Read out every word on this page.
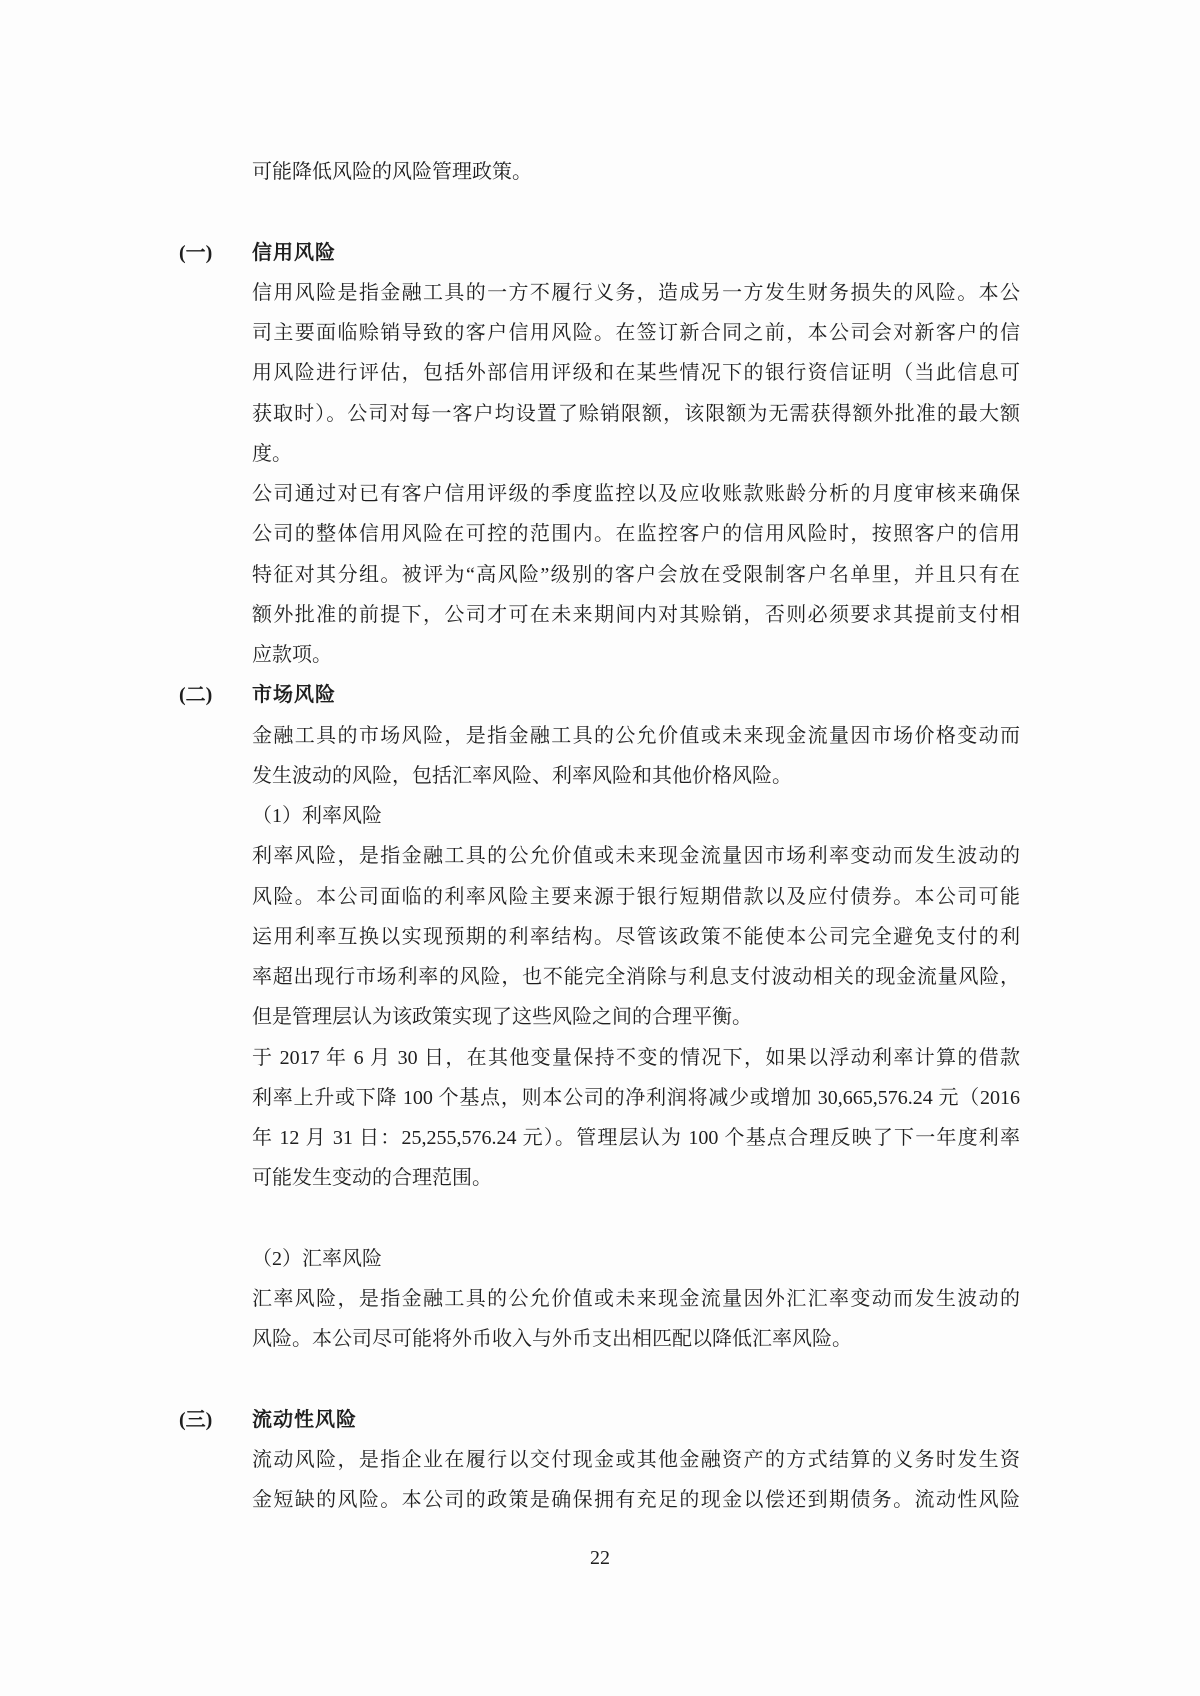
可能降低风险的风险管理政策。

(一) 信用风险
信用风险是指金融工具的一方不履行义务，造成另一方发生财务损失的风险。本公
司主要面临赊销导致的客户信用风险。在签订新合同之前，本公司会对新客户的信
用风险进行评估，包括外部信用评级和在某些情况下的银行资信证明（当此信息可
获取时）。公司对每一客户均设置了赊销限额，该限额为无需获得额外批准的最大额
度。
公司通过对已有客户信用评级的季度监控以及应收账款账龄分析的月度审核来确保
公司的整体信用风险在可控的范围内。在监控客户的信用风险时，按照客户的信用
特征对其分组。被评为“高风险”级别的客户会放在受限制客户名单里，并且只有在
额外批准的前提下，公司才可在未来期间内对其赊销，否则必须要求其提前支付相
应款项。
(二) 市场风险
金融工具的市场风险，是指金融工具的公允价值或未来现金流量因市场价格变动而
发生波动的风险，包括汇率风险、利率风险和其他价格风险。

（1）利率风险

利率风险，是指金融工具的公允价值或未来现金流量因市场利率变动而发生波动的
风险。本公司面临的利率风险主要来源于银行短期借款以及应付债券。本公司可能
运用利率互换以实现预期的利率结构。尽管该政策不能使本公司完全避免支付的利
率超出现行市场利率的风险，也不能完全消除与利息支付波动相关的现金流量风险，
但是管理层认为该政策实现了这些风险之间的合理平衡。
于 2017 年 6 月 30 日，在其他变量保持不变的情况下，如果以浮动利率计算的借款
利率上升或下降 100 个基点，则本公司的净利润将减少或增加 30,665,576.24 元（2016
年 12 月 31 日：25,255,576.24 元）。管理层认为 100 个基点合理反映了下一年度利率
可能发生变动的合理范围。

（2）汇率风险

汇率风险，是指金融工具的公允价值或未来现金流量因外汇汇率变动而发生波动的
风险。本公司尽可能将外币收入与外币支出相匹配以降低汇率风险。
(三) 流动性风险
流动风险，是指企业在履行以交付现金或其他金融资产的方式结算的义务时发生资
金短缺的风险。本公司的政策是确保拥有充足的现金以偿还到期债务。流动性风险
22
